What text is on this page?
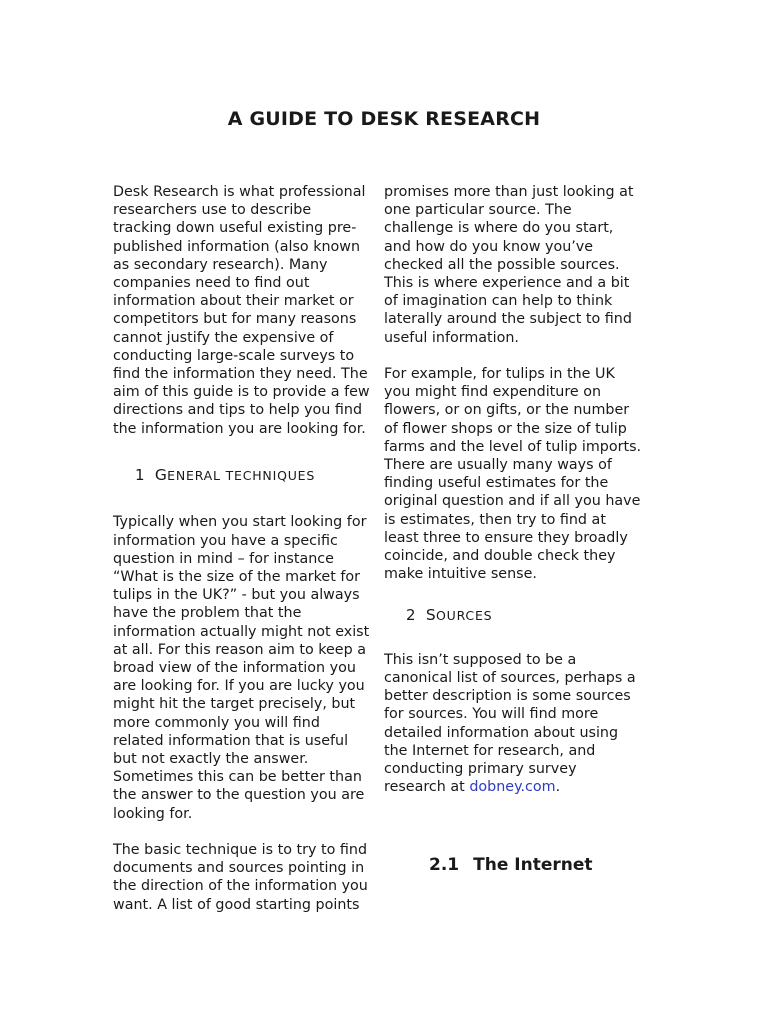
A GUIDE TO DESK RESEARCH

Desk Research is what professional
researchers use to describe
tracking down useful existing pre-
published information (also known
as secondary research). Many
companies need to find out
information about their market or
competitors but for many reasons
cannot justify the expensive of
conducting large-scale surveys to
find the information they need. The
aim of this guide is to provide a few
directions and tips to help you find
the information you are looking for.

1 GENERAL TECHNIQUES

Typically when you start looking for
information you have a specific
question in mind – for instance
“What is the size of the market for
tulips in the UK?” - but you always
have the problem that the
information actually might not exist
at all. For this reason aim to keep a
broad view of the information you
are looking for. If you are lucky you
might hit the target precisely, but
more commonly you will find
related information that is useful
but not exactly the answer.
Sometimes this can be better than
the answer to the question you are
looking for.

The basic technique is to try to find
documents and sources pointing in
the direction of the information you
want. A list of good starting points

promises more than just looking at
one particular source. The
challenge is where do you start,
and how do you know you’ve
checked all the possible sources.
This is where experience and a bit
of imagination can help to think
laterally around the subject to find
useful information.

For example, for tulips in the UK
you might find expenditure on
flowers, or on gifts, or the number
of flower shops or the size of tulip
farms and the level of tulip imports.
There are usually many ways of
finding useful estimates for the
original question and if all you have
is estimates, then try to find at
least three to ensure they broadly
coincide, and double check they
make intuitive sense.

2 SOURCES

This isn’t supposed to be a
canonical list of sources, perhaps a
better description is some sources
for sources. You will find more
detailed information about using
the Internet for research, and
conducting primary survey
research at dobney.com.

2.1 The Internet
